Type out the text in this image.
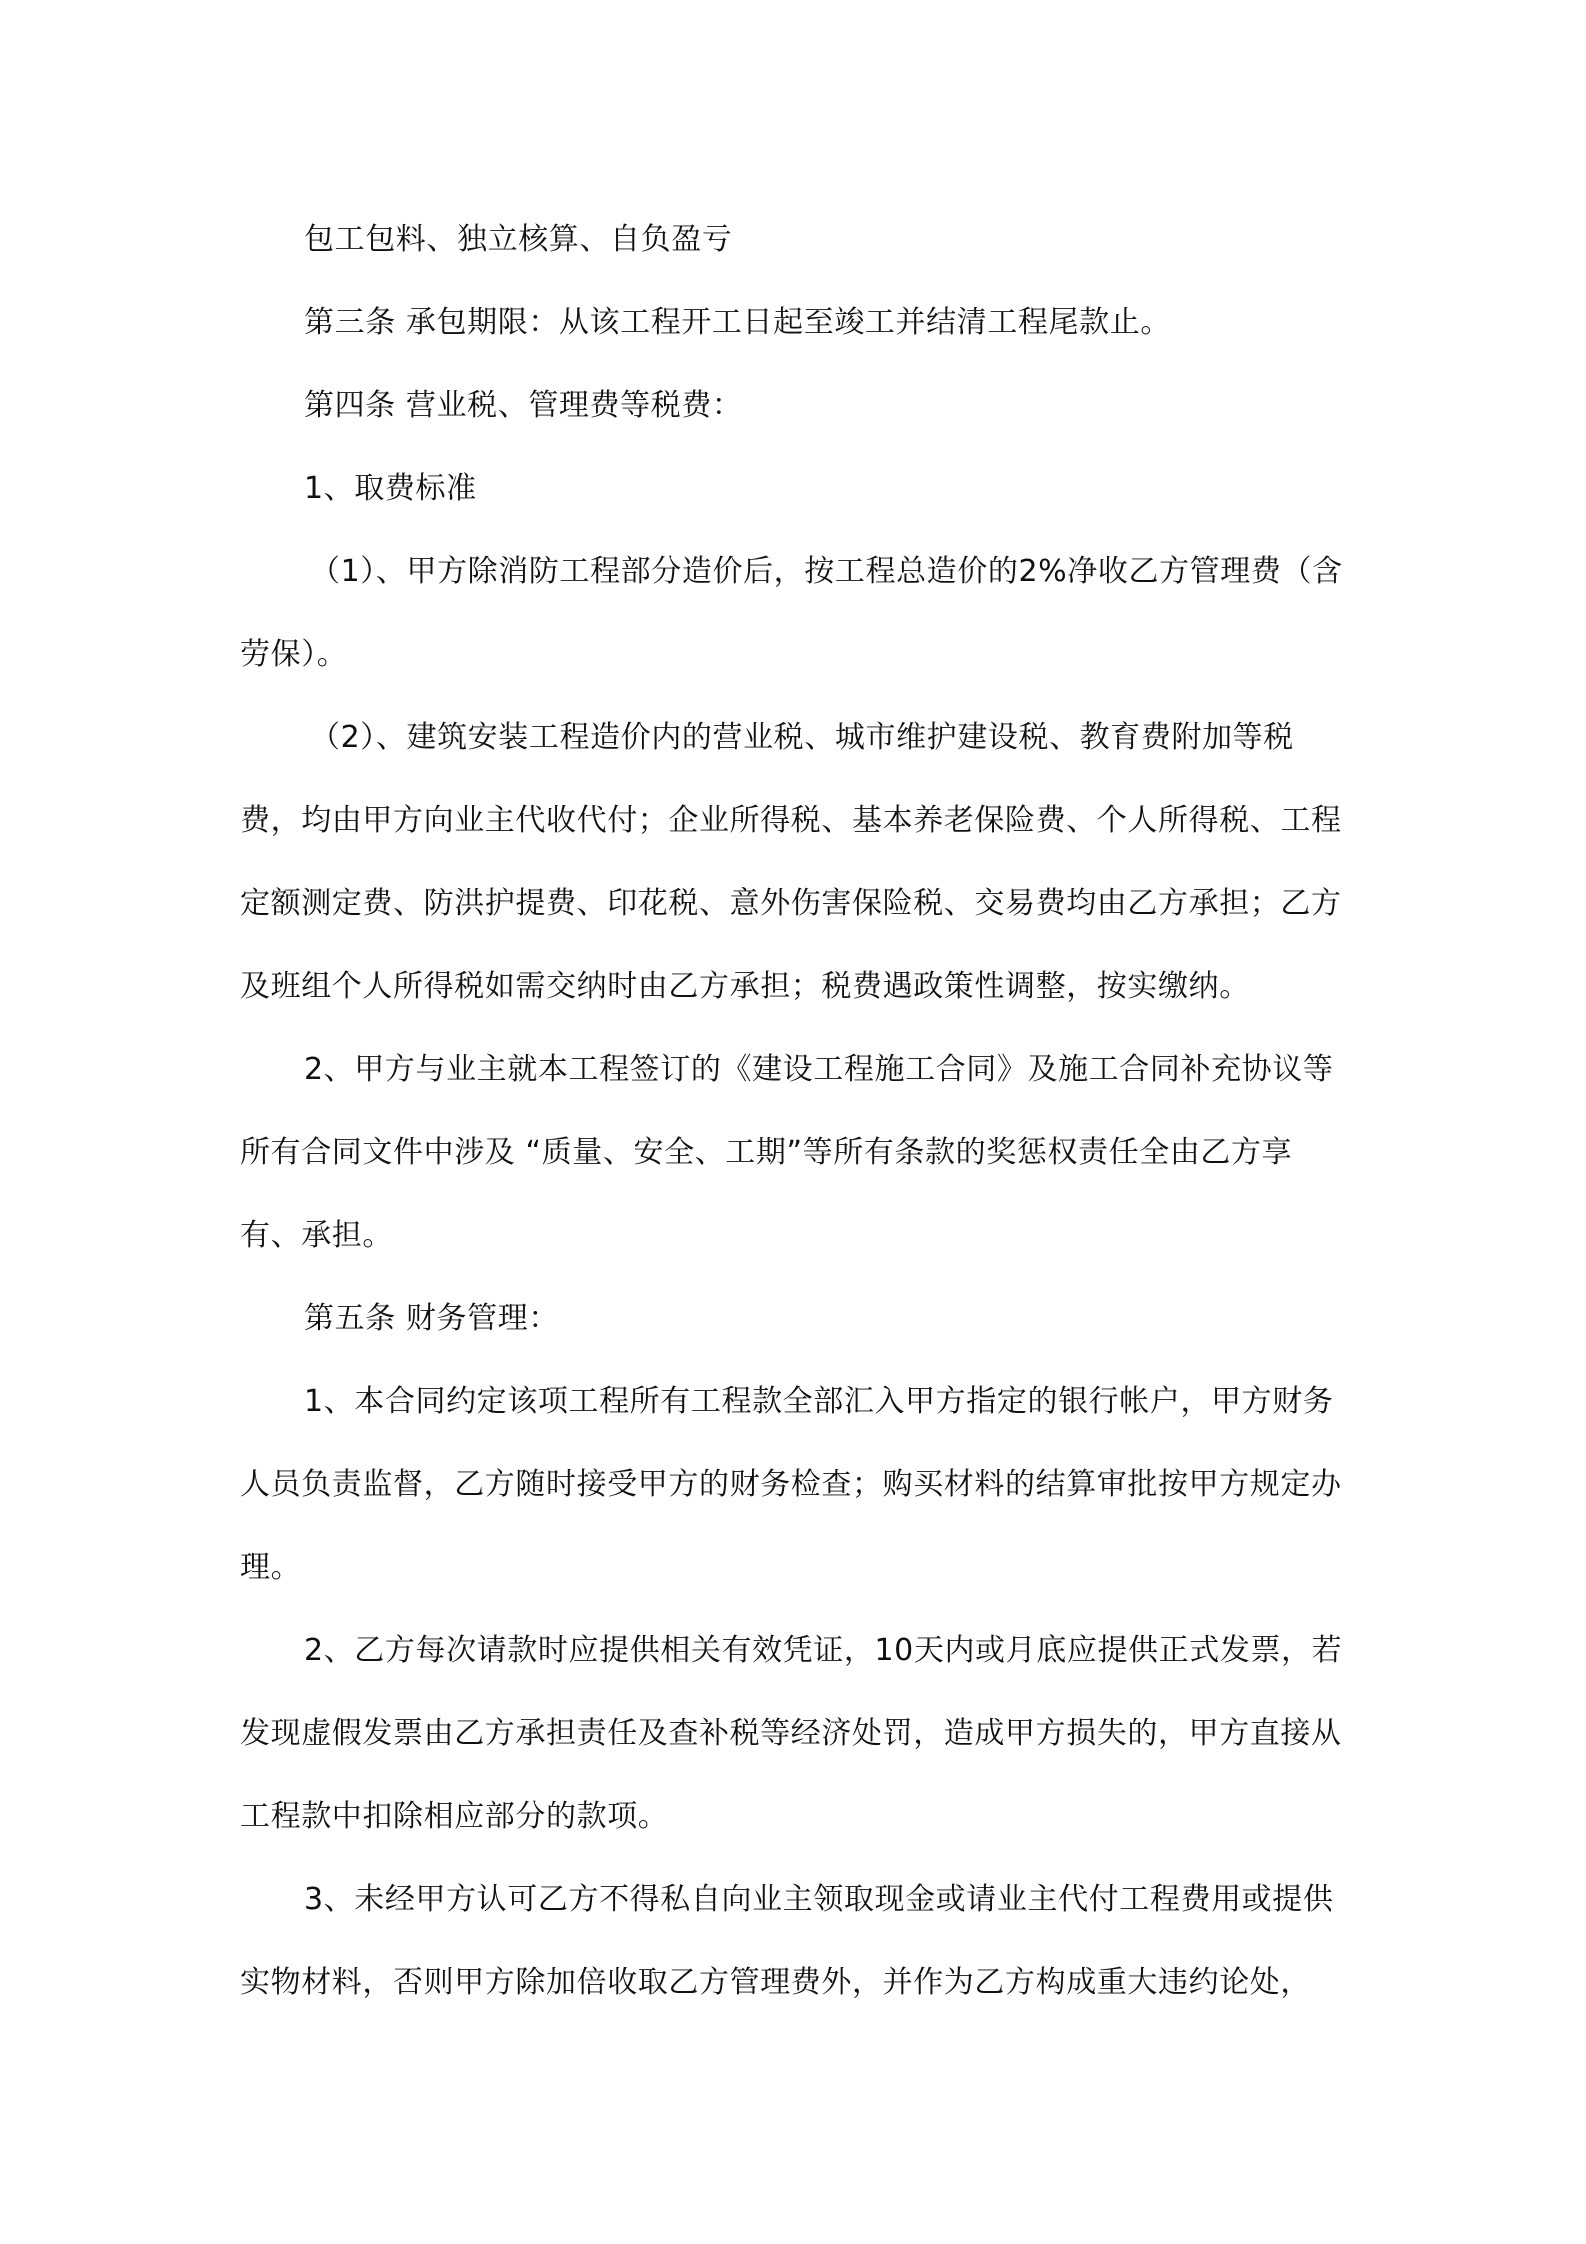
包工包料、独立核算、自负盈亏

第三条 承包期限：从该工程开工日起至竣工并结清工程尾款止。

第四条 营业税、管理费等税费：

1、取费标准

（1）、甲方除消防工程部分造价后，按工程总造价的2%净收乙方管理费（含劳保）。

（2）、建筑安装工程造价内的营业税、城市维护建设税、教育费附加等税费，均由甲方向业主代收代付；企业所得税、基本养老保险费、个人所得税、工程定额测定费、防洪护提费、印花税、意外伤害保险税、交易费均由乙方承担；乙方及班组个人所得税如需交纳时由乙方承担；税费遇政策性调整，按实缴纳。

2、甲方与业主就本工程签订的《建设工程施工合同》及施工合同补充协议等所有合同文件中涉及 “质量、安全、工期”等所有条款的奖惩权责任全由乙方享有、承担。

第五条 财务管理：

1、本合同约定该项工程所有工程款全部汇入甲方指定的银行帐户，甲方财务人员负责监督，乙方随时接受甲方的财务检查；购买材料的结算审批按甲方规定办理。

2、乙方每次请款时应提供相关有效凭证，10天内或月底应提供正式发票，若发现虚假发票由乙方承担责任及查补税等经济处罚，造成甲方损失的，甲方直接从工程款中扣除相应部分的款项。

3、未经甲方认可乙方不得私自向业主领取现金或请业主代付工程费用或提供实物材料，否则甲方除加倍收取乙方管理费外，并作为乙方构成重大违约论处，
